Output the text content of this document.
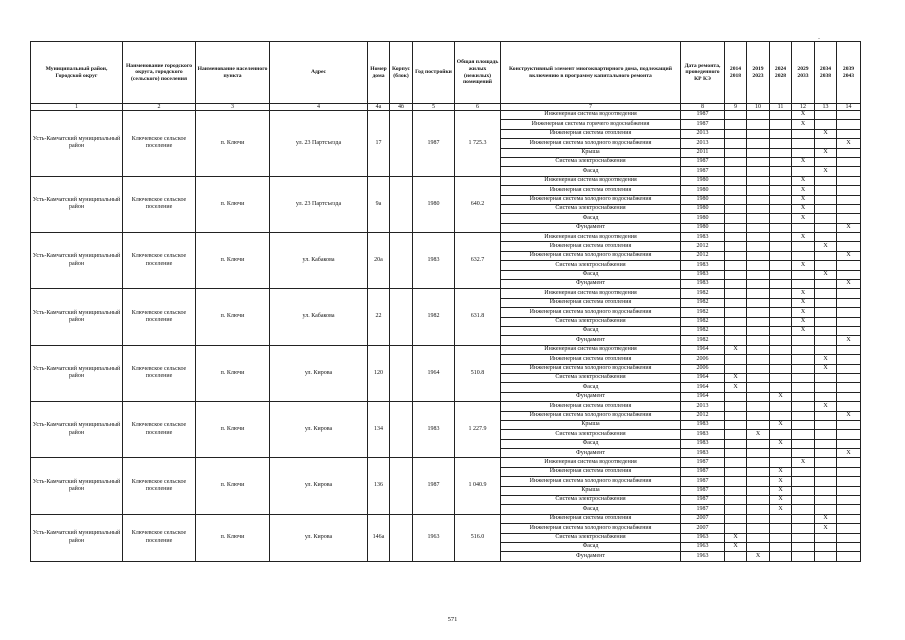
-
Муниципальный район, Городской округ	Наименование городского округа, городского (сельского) поселения	Наименование населенного пункта	Адрес	Номер дома	Корпус (блок)	Год постройки	Общая площадь жилых (нежилых) помещений	Конструктивный элемент многоквартирного дома, подлежащий включению в программу капитального ремонта	Дата ремонта, проведенного КР КЭ	2014 2018	2019 2023	2024 2028	2029 2033	2034 2038	2039 2043
1	2	3	4	4а	4б	5	6	7	8	9	10	11	12	13	14
Усть-Камчатский муниципальный район	Ключевское сельское поселение	п. Ключи	ул. 23 Партсъезда	17		1987	1 725.3	Инженерная система водоотведения	1987				X		
								Инженерная система горячего водоснабжения	1987				X		
								Инженерная система отопления	2013					X	
								Инженерная система холодного водоснабжения	2013						X
								Крыша	2011					X	
								Система электроснабжения	1987				X		
								Фасад	1987					X	
Усть-Камчатский муниципальный район	Ключевское сельское поселение	п. Ключи	ул. 23 Партсъезда	9а		1980	640.2	Инженерная система водоотведения	1980				X		
								Инженерная система отопления	1980				X		
								Инженерная система холодного водоснабжения	1980				X		
								Система электроснабжения	1980				X		
								Фасад	1980				X		
								Фундамент	1980						X
Усть-Камчатский муниципальный район	Ключевское сельское поселение	п. Ключи	ул. Кабакова	20а		1983	632.7	Инженерная система водоотведения	1983				X		
								Инженерная система отопления	2012					X	
								Инженерная система холодного водоснабжения	2012						X
								Система электроснабжения	1983				X		
								Фасад	1983					X	
								Фундамент	1983						X
Усть-Камчатский муниципальный район	Ключевское сельское поселение	п. Ключи	ул. Кабакова	22		1982	631.8	Инженерная система водоотведения	1982				X		
								Инженерная система отопления	1982				X		
								Инженерная система холодного водоснабжения	1982				X		
								Система электроснабжения	1982				X		
								Фасад	1982				X		
								Фундамент	1982						X
Усть-Камчатский муниципальный район	Ключевское сельское поселение	п. Ключи	ул. Кирова	120		1964	510.8	Инженерная система водоотведения	1964	X					
								Инженерная система отопления	2006					X	
								Инженерная система холодного водоснабжения	2006					X	
								Система электроснабжения	1964	X					
								Фасад	1964	X					
								Фундамент	1964			X			
Усть-Камчатский муниципальный район	Ключевское сельское поселение	п. Ключи	ул. Кирова	134		1983	1 227.9	Инженерная система отопления	2013					X	
								Инженерная система холодного водоснабжения	2012						X
								Крыша	1983			X			
								Система электроснабжения	1983		X				
								Фасад	1983			X			
								Фундамент	1983						X
Усть-Камчатский муниципальный район	Ключевское сельское поселение	п. Ключи	ул. Кирова	136		1987	1 040.9	Инженерная система водоотведения	1987				X		
								Инженерная система отопления	1987			X			
								Инженерная система холодного водоснабжения	1987			X			
								Крыша	1987			X			
								Система электроснабжения	1987			X			
								Фасад	1987			X			
Усть-Камчатский муниципальный район	Ключевское сельское поселение	п. Ключи	ул. Кирова	146а		1963	516.0	Инженерная система отопления	2007					X	
								Инженерная система холодного водоснабжения	2007					X	
								Система электроснабжения	1963	X					
								Фасад	1963	X					
								Фундамент	1963		X				
571
